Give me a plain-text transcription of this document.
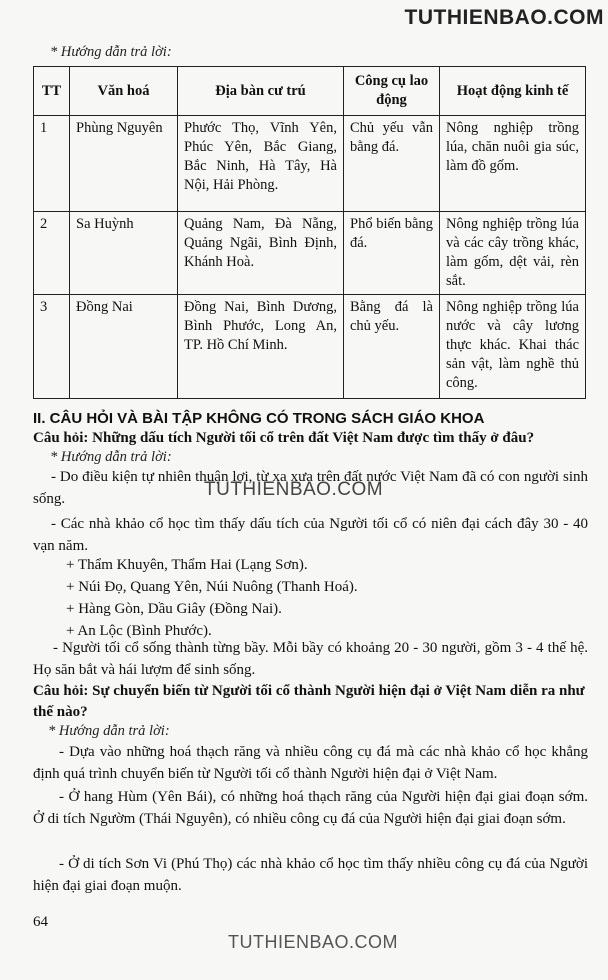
TUTHIENBAO.COM
* Hướng dẫn trả lời:
TT	Văn hoá	Địa bàn cư trú	Công cụ lao động	Hoạt động kinh tế
1	Phùng Nguyên	Phước Thọ, Vĩnh Yên, Phúc Yên, Bắc Giang, Bắc Ninh, Hà Tây, Hà Nội, Hải Phòng.	Chủ yếu vẫn bằng đá.	Nông nghiệp trồng lúa, chăn nuôi gia súc, làm đồ gốm.
2	Sa Huỳnh	Quảng Nam, Đà Nẵng, Quảng Ngãi, Bình Định, Khánh Hoà.	Phổ biến bằng đá.	Nông nghiệp trồng lúa và các cây trồng khác, làm gốm, dệt vải, rèn sắt.
3	Đồng Nai	Đồng Nai, Bình Dương, Bình Phước, Long An, TP. Hồ Chí Minh.	Bằng đá là chủ yếu.	Nông nghiệp trồng lúa nước và cây lương thực khác. Khai thác sản vật, làm nghề thủ công.
II. CÂU HỎI VÀ BÀI TẬP KHÔNG CÓ TRONG SÁCH GIÁO KHOA
Câu hỏi: Những dấu tích Người tối cổ trên đất Việt Nam được tìm thấy ở đâu?
* Hướng dẫn trả lời:
- Do điều kiện tự nhiên thuận lợi, từ xa xưa trên đất nước Việt Nam đã có con người sinh sống.	TUTHIENBAO.COM
- Các nhà khảo cổ học tìm thấy dấu tích của Người tối cổ có niên đại cách đây 30 - 40 vạn năm.
+ Thẩm Khuyên, Thẩm Hai (Lạng Sơn).
+ Núi Đọ, Quang Yên, Núi Nuông (Thanh Hoá).
+ Hàng Gòn, Dầu Giây (Đồng Nai).
+ An Lộc (Bình Phước).
- Người tối cổ sống thành từng bầy. Mỗi bầy có khoảng 20 - 30 người, gồm 3 - 4 thế hệ. Họ săn bắt và hái lượm để sinh sống.
Câu hỏi: Sự chuyển biến từ Người tối cổ thành Người hiện đại ở Việt Nam diễn ra như thế nào?
* Hướng dẫn trả lời:
- Dựa vào những hoá thạch răng và nhiều công cụ đá mà các nhà khảo cổ học khẳng định quá trình chuyển biến từ Người tối cổ thành Người hiện đại ở Việt Nam.
- Ở hang Hùm (Yên Bái), có những hoá thạch răng của Người hiện đại giai đoạn sớm. Ở di tích Ngườm (Thái Nguyên), có nhiều công cụ đá của Người hiện đại giai đoạn sớm.
- Ở di tích Sơn Vi (Phú Thọ) các nhà khảo cổ học tìm thấy nhiều công cụ đá của Người hiện đại giai đoạn muộn.
64
TUTHIENBAO.COM
